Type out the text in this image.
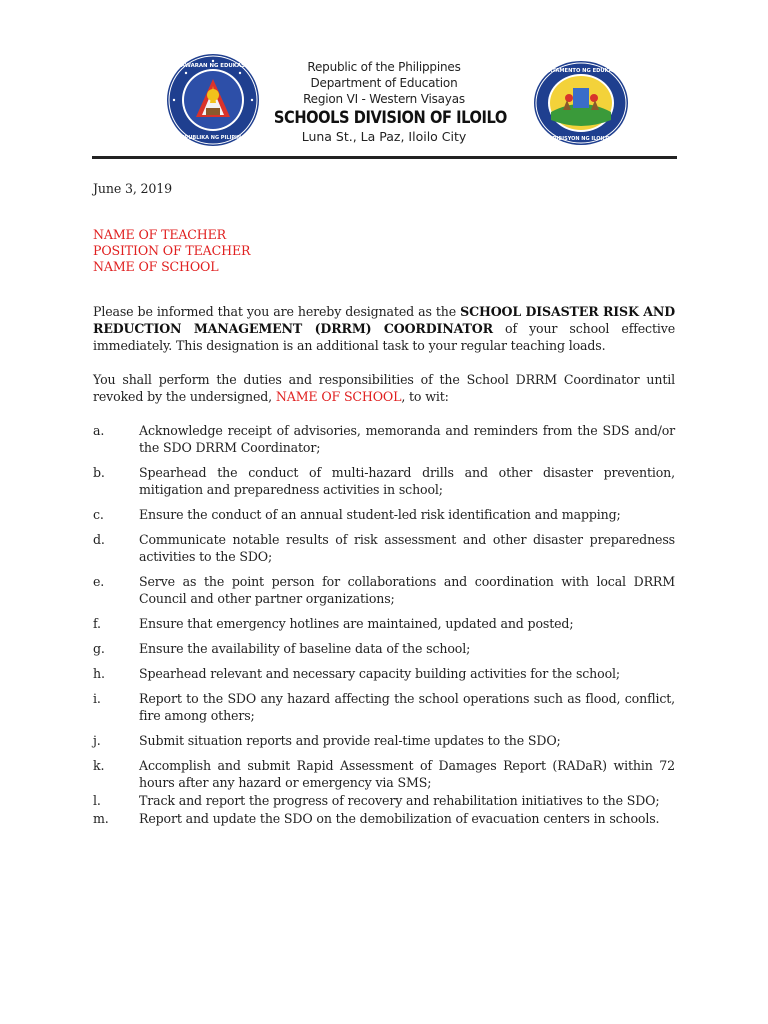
KAGAWARAN NG EDUKASYON
REPUBLIKA NG PILIPINAS
Republic of the Philippines
Department of Education
Region VI - Western Visayas
SCHOOLS DIVISION OF ILOILO
Luna St., La Paz, Iloilo City
DEPARTAMENTO NG EDUKASYON
DIBISYON NG ILOILO
June 3, 2019
NAME OF TEACHER
POSITION OF TEACHER
NAME OF SCHOOL

Please be informed that you are hereby designated as the SCHOOL DISASTER RISK AND REDUCTION MANAGEMENT (DRRM) COORDINATOR of your school effective immediately. This designation is an additional task to your regular teaching loads.

You shall perform the duties and responsibilities of the School DRRM Coordinator until revoked by the undersigned, NAME OF SCHOOL, to wit:

a.	Acknowledge receipt of advisories, memoranda and reminders from the SDS and/or the SDO DRRM Coordinator;
b.	Spearhead the conduct of multi-hazard drills and other disaster prevention, mitigation and preparedness activities in school;
c.	Ensure the conduct of an annual student-led risk identification and mapping;
d.	Communicate notable results of risk assessment and other disaster preparedness activities to the SDO;
e.	Serve as the point person for collaborations and coordination with local DRRM Council and other partner organizations;
f.	Ensure that emergency hotlines are maintained, updated and posted;
g.	Ensure the availability of baseline data of the school;
h.	Spearhead relevant and necessary capacity building activities for the school;
i.	Report to the SDO any hazard affecting the school operations such as flood, conflict, fire among others;
j.	Submit situation reports and provide real-time updates to the SDO;
k.	Accomplish and submit Rapid Assessment of Damages Report (RADaR) within 72 hours after any hazard or emergency via SMS;
l.	Track and report the progress of recovery and rehabilitation initiatives to the SDO;
m.	Report and update the SDO on the demobilization of evacuation centers in schools.
